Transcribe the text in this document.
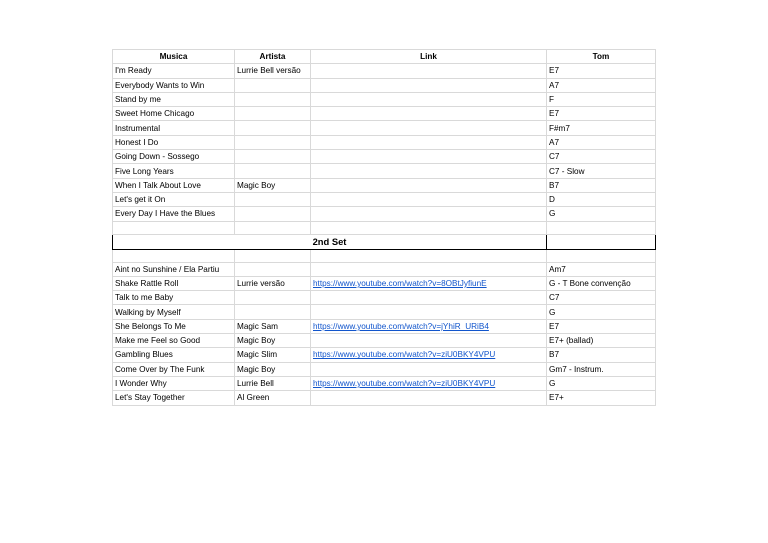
Musica	Artista	Link	Tom
I'm Ready	Lurrie Bell versão		E7
Everybody Wants to Win			A7
Stand by me			F
Sweet Home Chicago			E7
Instrumental			F#m7
Honest I Do			A7
Going Down - Sossego			C7
Five Long Years			C7 - Slow
When I Talk About Love	Magic Boy		B7
Let's get it On			D
Every Day I Have the Blues			G

2nd Set			

Aint no Sunshine / Ela Partiu			Am7
Shake Rattle Roll	Lurrie versão	https://www.youtube.com/watch?v=8OBtJyfiunE	G - T Bone convenção
Talk to me Baby			C7
Walking by Myself			G
She Belongs To Me	Magic Sam	https://www.youtube.com/watch?v=jYhiR_URiB4	E7
Make me Feel so Good	Magic Boy		E7+ (ballad)
Gambling Blues	Magic Slim	https://www.youtube.com/watch?v=ziU0BKY4VPU	B7
Come Over by The Funk	Magic Boy		Gm7 - Instrum.
I Wonder Why	Lurrie Bell	https://www.youtube.com/watch?v=ziU0BKY4VPU	G
Let's Stay Together	Al Green		E7+
